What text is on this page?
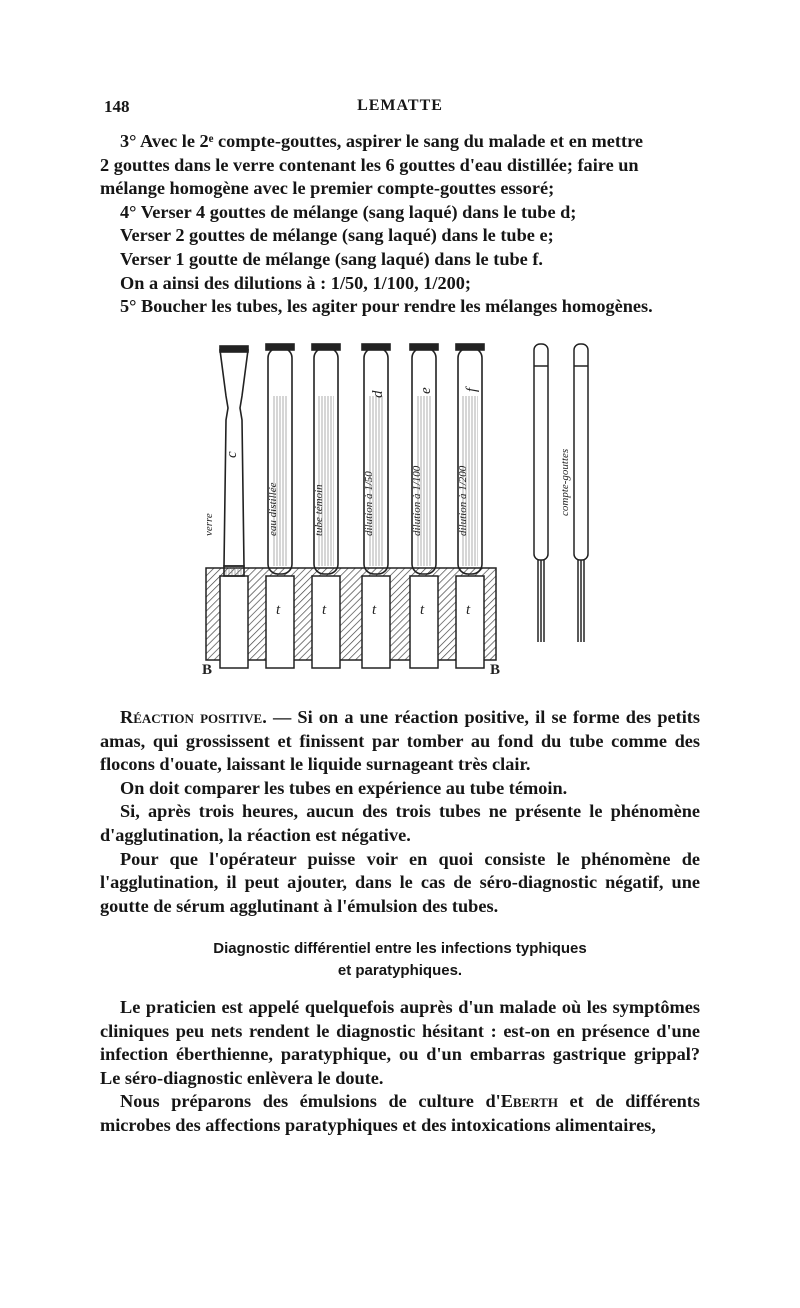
148	LEMATTE

3° Avec le 2ᵉ compte-gouttes, aspirer le sang du malade et en mettre

2 gouttes dans le verre contenant les 6 gouttes d'eau distillée; faire un

mélange homogène avec le premier compte-gouttes essoré;

4° Verser 4 gouttes de mélange (sang laqué) dans le tube d;

Verser 2 gouttes de mélange (sang laqué) dans le tube e;

Verser 1 goutte de mélange (sang laqué) dans le tube f.

On a ainsi des dilutions à : 1/50, 1/100, 1/200;

5° Boucher les tubes, les agiter pour rendre les mélanges homogènes.

verre	eau distillée	tube témoin	dilution à 1/50	dilution à 1/100	dilution à 1/200	compte-gouttes
c
d e f
t	t	t	t	t
B	B

Réaction positive. — Si on a une réaction positive, il se forme des petits amas, qui grossissent et finissent par tomber au fond du tube comme des flocons d'ouate, laissant le liquide surnageant très clair.

On doit comparer les tubes en expérience au tube témoin.

Si, après trois heures, aucun des trois tubes ne présente le phénomène d'agglutination, la réaction est négative.

Pour que l'opérateur puisse voir en quoi consiste le phénomène de l'agglutination, il peut ajouter, dans le cas de séro-diagnostic négatif, une goutte de sérum agglutinant à l'émulsion des tubes.

Diagnostic différentiel entre les infections typhiques
et paratyphiques.

Le praticien est appelé quelquefois auprès d'un malade où les symptômes cliniques peu nets rendent le diagnostic hésitant : est-on en présence d'une infection éberthienne, paratyphique, ou d'un embarras gastrique grippal? Le séro-diagnostic enlèvera le doute.

Nous préparons des émulsions de culture d'Eberth et de différents microbes des affections paratyphiques et des intoxications alimentaires,
